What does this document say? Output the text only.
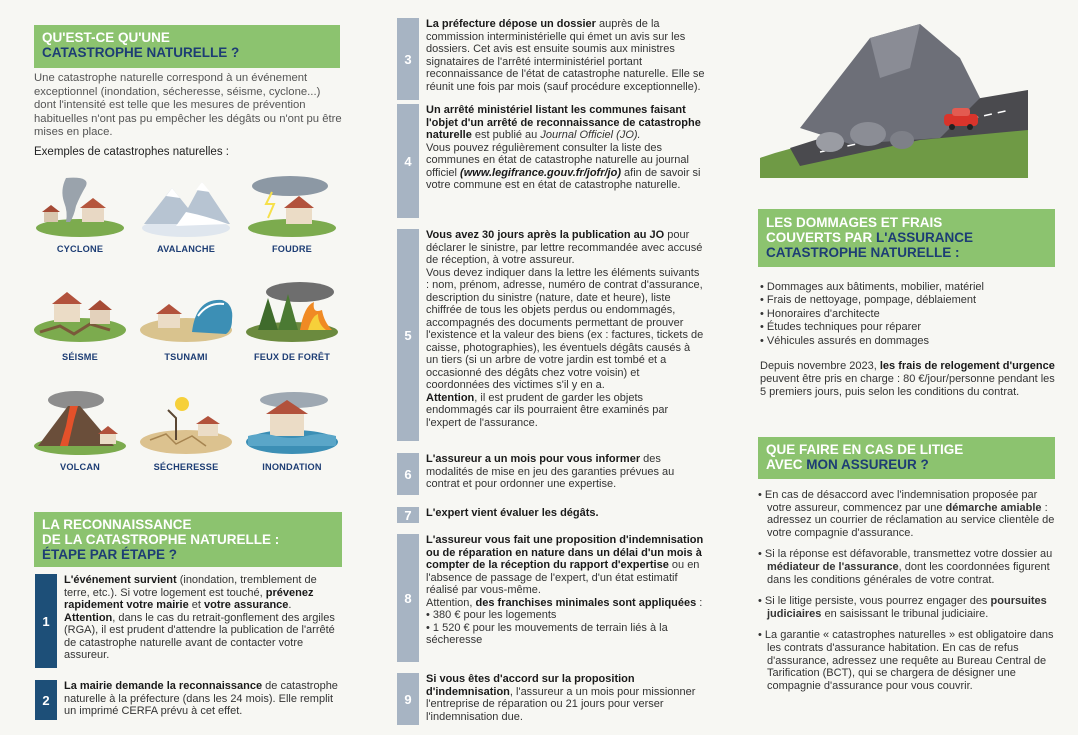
QU'EST-CE QU'UNE
CATASTROPHE NATURELLE ?
Une catastrophe naturelle correspond à un événement exceptionnel (inondation, sécheresse, séisme, cyclone...) dont l'intensité est telle que les mesures de prévention habituelles n'ont pas pu empêcher les dégâts ou n'ont pu être mises en place.
Exemples de catastrophes naturelles :
CYCLONE	AVALANCHE	FOUDRE
SÉISME	TSUNAMI	FEUX DE FORÊT
VOLCAN	SÉCHERESSE	INONDATION
LA RECONNAISSANCE
DE LA CATASTROPHE NATURELLE :
ÉTAPE PAR ÉTAPE ?
1
L'événement survient (inondation, tremblement de terre, etc.). Si votre logement est touché, prévenez rapidement votre mairie et votre assurance.
Attention, dans le cas du retrait-gonflement des argiles (RGA), il est prudent d'attendre la publication de l'arrêté de catastrophe naturelle avant de contacter votre assureur.
2
La mairie demande la reconnaissance de catastrophe naturelle à la préfecture (dans les 24 mois). Elle remplit un imprimé CERFA prévu à cet effet.
3
La préfecture dépose un dossier auprès de la commission interministérielle qui émet un avis sur les dossiers. Cet avis est ensuite soumis aux ministres signataires de l'arrêté interministériel portant reconnaissance de l'état de catastrophe naturelle. Elle se réunit une fois par mois (sauf procédure exceptionnelle).
4
Un arrêté ministériel listant les communes faisant l'objet d'un arrêté de reconnaissance de catastrophe naturelle est publié au Journal Officiel (JO).
Vous pouvez régulièrement consulter la liste des communes en état de catastrophe naturelle au journal officiel (www.legifrance.gouv.fr/jofr/jo) afin de savoir si votre commune est en état de catastrophe naturelle.
5
Vous avez 30 jours après la publication au JO pour déclarer le sinistre, par lettre recommandée avec accusé de réception, à votre assureur.
Vous devez indiquer dans la lettre les éléments suivants : nom, prénom, adresse, numéro de contrat d'assurance, description du sinistre (nature, date et heure), liste chiffrée de tous les objets perdus ou endommagés, accompagnés des documents permettant de prouver l'existence et la valeur des biens (ex : factures, tickets de caisse, photographies), les éventuels dégâts causés à un tiers (si un arbre de votre jardin est tombé et a occasionné des dégâts chez votre voisin) et coordonnées des victimes s'il y en a.
Attention, il est prudent de garder les objets endommagés car ils pourraient être examinés par l'expert de l'assurance.
6
L'assureur a un mois pour vous informer des modalités de mise en jeu des garanties prévues au contrat et pour ordonner une expertise.
7	L'expert vient évaluer les dégâts.
8
L'assureur vous fait une proposition d'indemnisation ou de réparation en nature dans un délai d'un mois à compter de la réception du rapport d'expertise ou en l'absence de passage de l'expert, d'un état estimatif réalisé par vous-même.
Attention, des franchises minimales sont appliquées :
• 380 € pour les logements
• 1 520 € pour les mouvements de terrain liés à la sécheresse
9
Si vous êtes d'accord sur la proposition d'indemnisation, l'assureur a un mois pour missionner l'entreprise de réparation ou 21 jours pour verser l'indemnisation due.
LES DOMMAGES ET FRAIS
COUVERTS PAR L'ASSURANCE
CATASTROPHE NATURELLE :
• Dommages aux bâtiments, mobilier, matériel
• Frais de nettoyage, pompage, déblaiement
• Honoraires d'architecte
• Études techniques pour réparer
• Véhicules assurés en dommages
Depuis novembre 2023, les frais de relogement d'urgence peuvent être pris en charge : 80 €/jour/personne pendant les 5 premiers jours, puis selon les conditions du contrat.
QUE FAIRE EN CAS DE LITIGE
AVEC MON ASSUREUR ?
• En cas de désaccord avec l'indemnisation proposée par votre assureur, commencez par une démarche amiable : adressez un courrier de réclamation au service clientèle de votre compagnie d'assurance.
• Si la réponse est défavorable, transmettez votre dossier au médiateur de l'assurance, dont les coordonnées figurent dans les conditions générales de votre contrat.
• Si le litige persiste, vous pourrez engager des poursuites judiciaires en saisissant le tribunal judiciaire.
• La garantie « catastrophes naturelles » est obligatoire dans les contrats d'assurance habitation. En cas de refus d'assurance, adressez une requête au Bureau Central de Tarification (BCT), qui se chargera de désigner une compagnie d'assurance pour vous couvrir.
